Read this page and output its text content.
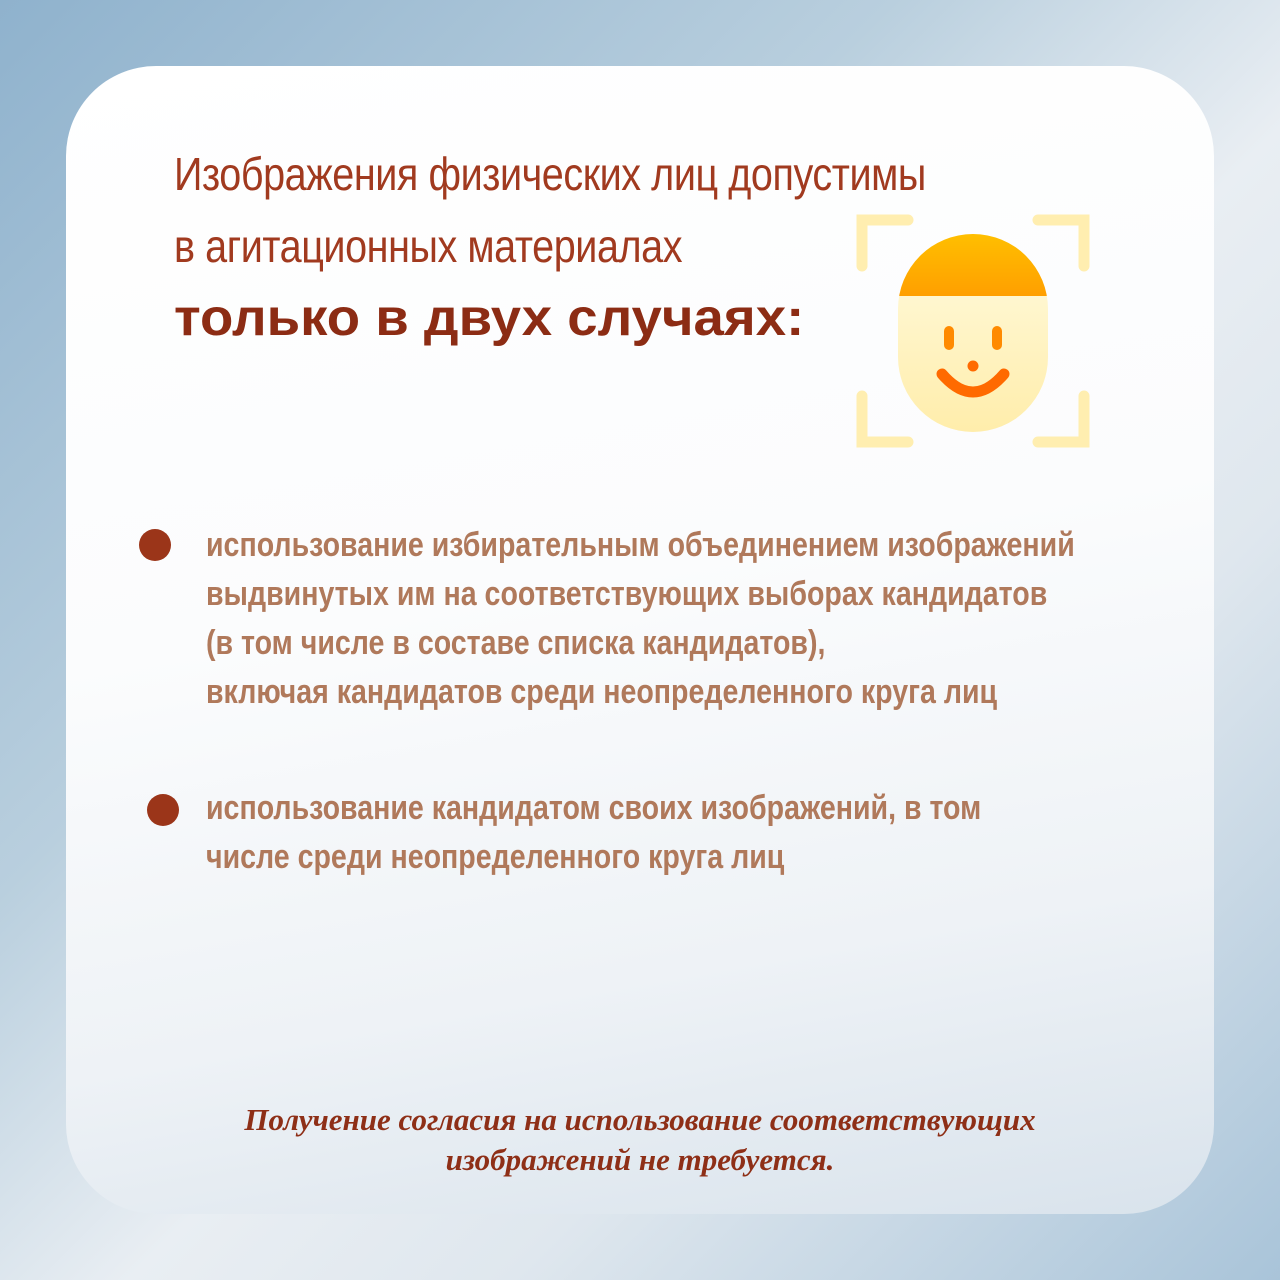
Изображения физических лиц допустимы
в агитационных материалах
только в двух случаях:

использование избирательным объединением изображений
выдвинутых им на соответствующих выборах кандидатов
(в том числе в составе списка кандидатов),
включая кандидатов среди неопределенного круга лиц

использование кандидатом своих изображений, в том
числе среди неопределенного круга лиц

Получение согласия на использование соответствующих
изображений не требуется.
